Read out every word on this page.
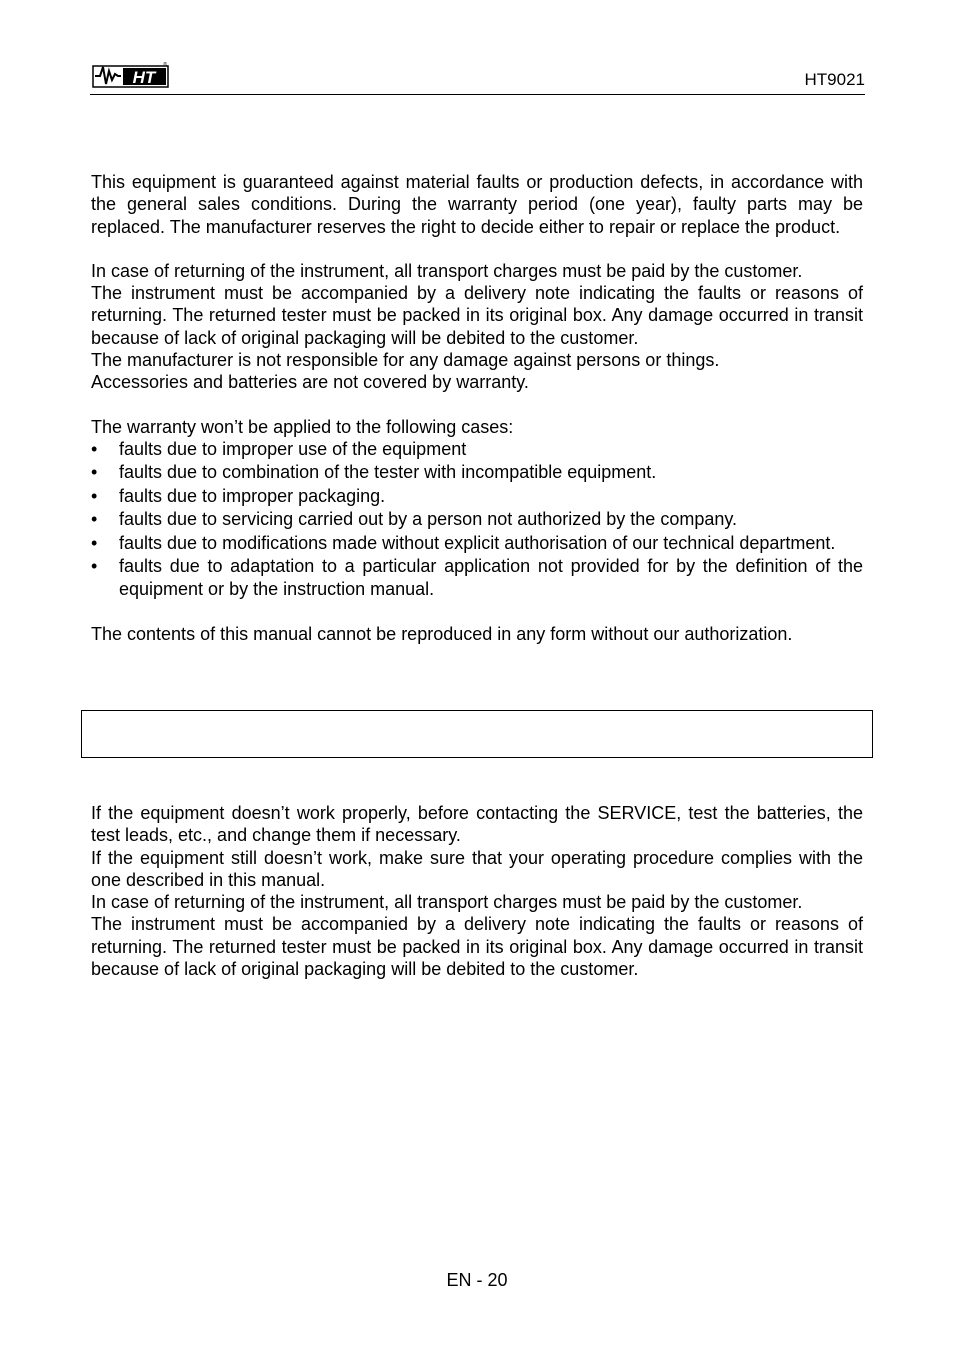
HT
®
HT9021

This equipment is guaranteed against material faults or production defects, in accordance with the general sales conditions. During the warranty period (one year), faulty parts may be replaced. The manufacturer reserves the right to decide either to repair or replace the product.

In case of returning of the instrument, all transport charges must be paid by the customer.

The instrument must be accompanied by a delivery note indicating the faults or reasons of returning. The returned tester must be packed in its original box. Any damage occurred in transit because of lack of original packaging will be debited to the customer.

The manufacturer is not responsible for any damage against persons or things.

Accessories and batteries are not covered by warranty.

The warranty won’t be applied to the following cases:

• faults due to improper use of the equipment
• faults due to combination of the tester with incompatible equipment.
• faults due to improper packaging.
• faults due to servicing carried out by a person not authorized by the company.
• faults due to modifications made without explicit authorisation of our technical department.
• faults due to adaptation to a particular application not provided for by the definition of the equipment or by the instruction manual.

The contents of this manual cannot be reproduced in any form without our authorization.

If the equipment doesn’t work properly, before contacting the SERVICE, test the batteries, the test leads, etc., and change them if necessary.

If the equipment still doesn’t work, make sure that your operating procedure complies with the one described in this manual.

In case of returning of the instrument, all transport charges must be paid by the customer.

The instrument must be accompanied by a delivery note indicating the faults or reasons of returning. The returned tester must be packed in its original box. Any damage occurred in transit because of lack of original packaging will be debited to the customer.

EN - 20
